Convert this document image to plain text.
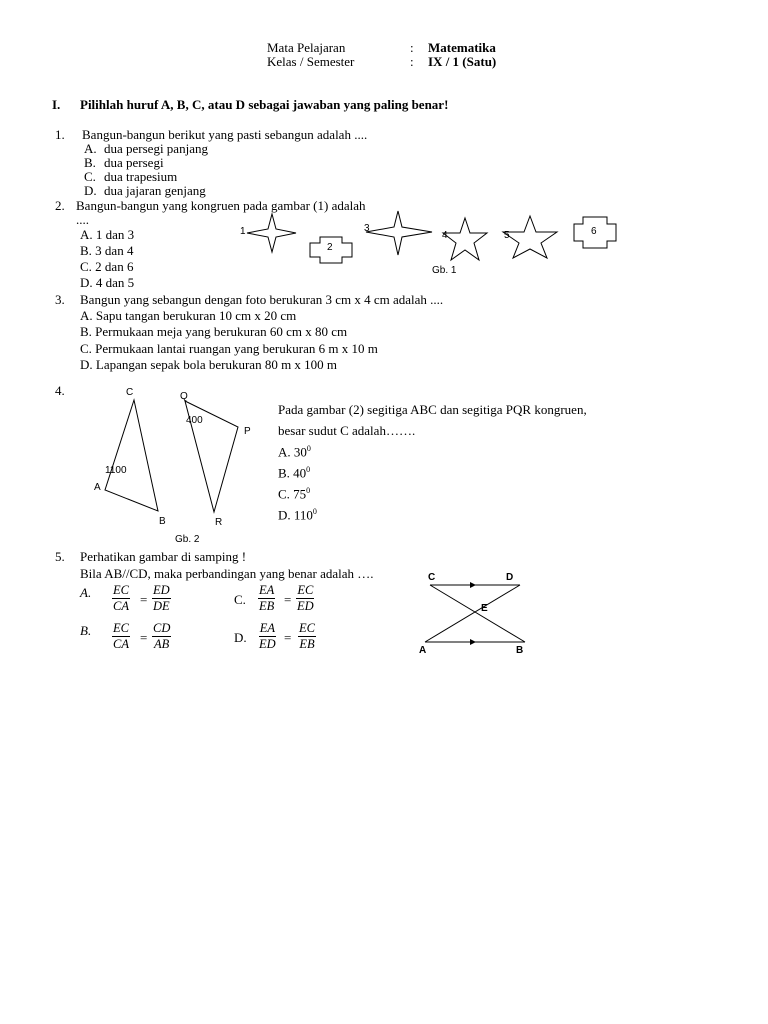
Mata Pelajaran	: Matematika
Kelas / Semester	: IX / 1 (Satu)
I. Pilihlah huruf A, B, C, atau D sebagai jawaban yang paling benar!
1. Bangun-bangun berikut yang pasti sebangun adalah ....
A. dua persegi panjang
B. dua persegi
C. dua trapesium
D. dua jajaran genjang
2. Bangun-bangun yang kongruen pada gambar (1) adalah
....
A. 1 dan 3
B. 3 dan 4
C. 2 dan 6
D. 4 dan 5
1
2
3
4	5	6
Gb. 1
3. Bangun yang sebangun dengan foto berukuran 3 cm x 4 cm adalah ....
A. Sapu tangan berukuran 10 cm x 20 cm
B. Permukaan meja yang berukuran 60 cm x 80 cm
C. Permukaan lantai ruangan yang berukuran 6 m x 10 m
D. Lapangan sepak bola berukuran 80 m x 100 m
4.	C
A
B
1100
Q
400
P
R
Gb. 2
Pada gambar (2) segitiga ABC dan segitiga PQR kongruen,
besar sudut C adalah…….
A. $30^0$
B. $40^0$
C. $75^0$
D. $110^0$
5. Perhatikan gambar di samping !
Bila AB//CD, maka perbandingan yang benar adalah ….
A. $\frac{EC}{CA} = \frac{ED}{DE}$
B. $\frac{EC}{CA} = \frac{CD}{AB}$
C. $\frac{EA}{EB} = \frac{EC}{ED}$
D. $\frac{EA}{ED} = \frac{EC}{EB}$
C	D
E
A	B
